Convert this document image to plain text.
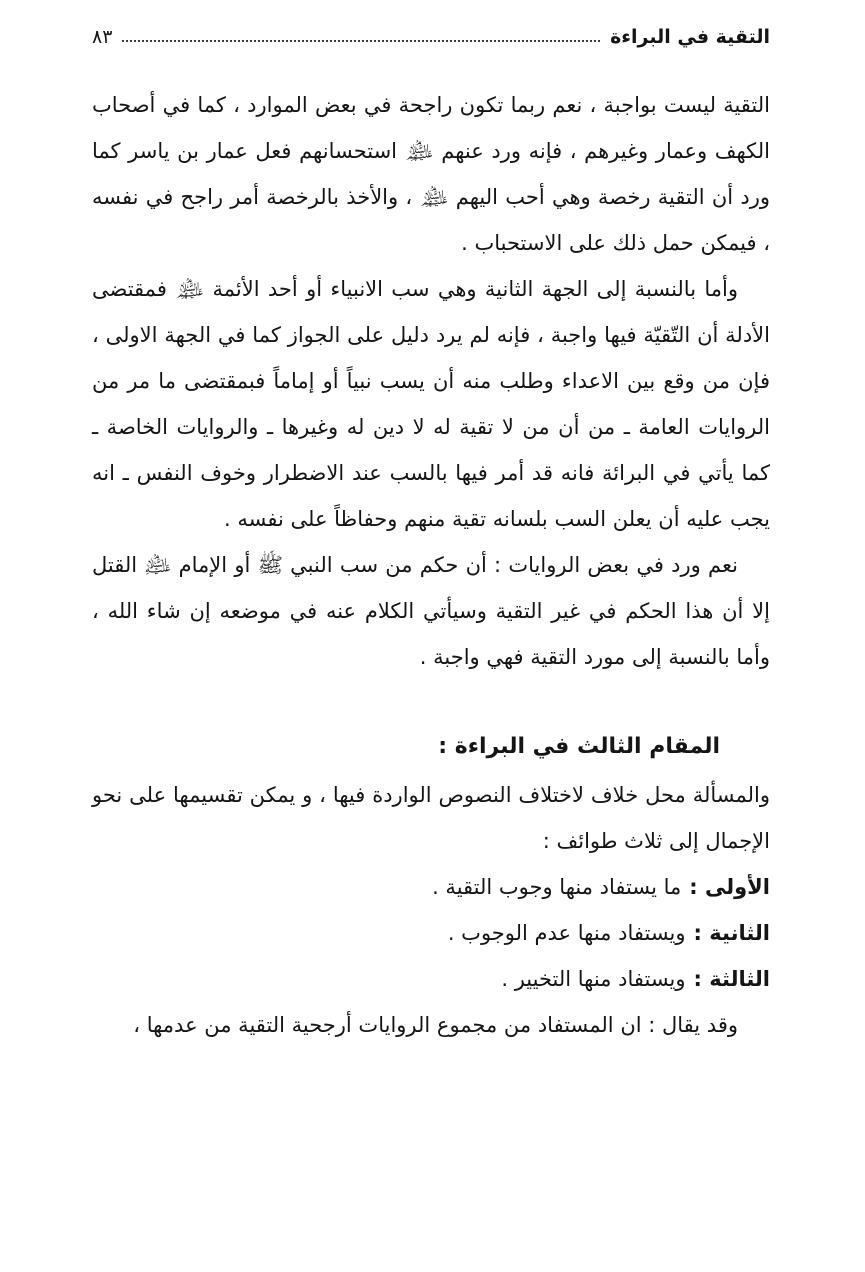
التقية في البراءة
٨٣

التقية ليست بواجبة ، نعم ربما تكون راجحة في بعض الموارد ، كما في أصحاب الكهف وعمار وغيرهم ، فإنه ورد عنهم ﵈ استحسانهم فعل عمار بن ياسر كما ورد أن التقية رخصة وهي أحب اليهم ﵈ ، والأخذ بالرخصة أمر راجح في نفسه ، فيمكن حمل ذلك على الاستحباب .

وأما بالنسبة إلى الجهة الثانية وهي سب الانبياء أو أحد الأئمة ﵈ فمقتضى الأدلة أن التّقيّة فيها واجبة ، فإنه لم يرد دليل على الجواز كما في الجهة الاولى ، فإن من وقع بين الاعداء وطلب منه أن يسب نبياً أو إماماً فبمقتضى ما مر من الروايات العامة ـ من أن من لا تقية له لا دين له وغيرها ـ والروايات الخاصة ـ كما يأتي في البرائة فانه قد أمر فيها بالسب عند الاضطرار وخوف النفس ـ انه يجب عليه أن يعلن السب بلسانه تقية منهم وحفاظاً على نفسه .

نعم ورد في بعض الروايات : أن حكم من سب النبي ﷺ أو الإمام ﵇ القتل إلا أن هذا الحكم في غير التقية وسيأتي الكلام عنه في موضعه إن شاء الله ، وأما بالنسبة إلى مورد التقية فهي واجبة .

المقام الثالث في البراءة :

والمسألة محل خلاف لاختلاف النصوص الواردة فيها ، و يمكن تقسيمها على نحو الإجمال إلى ثلاث طوائف :

الأولى :ما يستفاد منها وجوب التقية .

الثانية :ويستفاد منها عدم الوجوب .

الثالثة :ويستفاد منها التخيير .

وقد يقال : ان المستفاد من مجموع الروايات أرجحية التقية من عدمها ،
